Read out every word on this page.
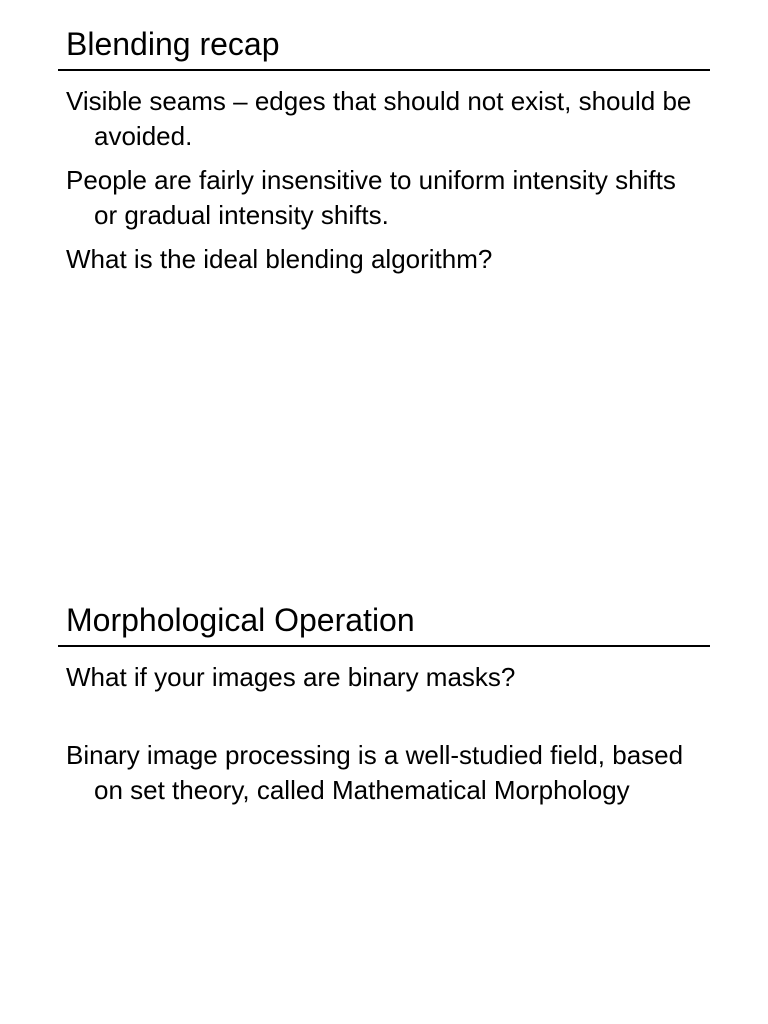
Blending recap
Visible seams – edges that should not exist, should be avoided.
People are fairly insensitive to uniform intensity shifts or gradual intensity shifts.
What is the ideal blending algorithm?
Morphological Operation
What if your images are binary masks?
Binary image processing is a well-studied field, based on set theory, called Mathematical Morphology
